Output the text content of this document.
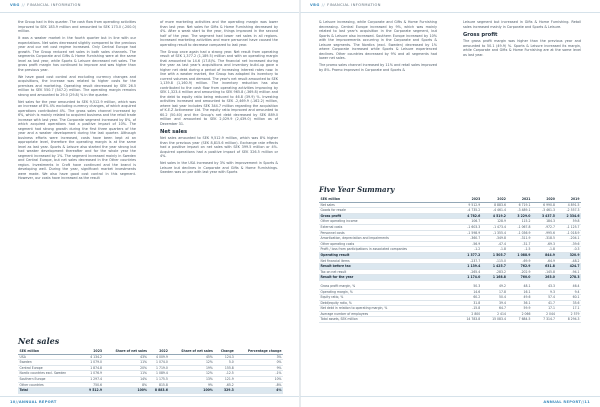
VBG // FINANCIAL INFORMATION

the Group had in this quarter. The cash flow from operating activities improved to SEK 183.9 million and amounted to SEK 173.0 (-200.0) million.

It was a weaker market in the fourth quarter but in line with our expectations. Net sales decreased slightly compared to the previous year and our net cost regime increased. Only Central Europe had growth. The Group reduced net sales in both sales channels. The segments Corporate and Gifts & Home Furnishing were at the same level as last year, while Sports & Leisure decreased net sales. The gross profit margin has continued to improve and was higher than the previous year.

We have good cost control and excluding currency changes and acquisitions, the increase was related to higher costs for the premises and marketing. Operating result decreased by SEK 26.5 million to SEK 550.7 (547.2) million. The operating margin remains strong and amounted to 29.0 (29.8) % in the quarter.

Net sales for the year amounted to SEK 9,512.9 million, which was an increase of 8% 4% excluding currency changes, of which acquired operations contributed 4%. The gross sales channel increased by 6%, which is mainly related to acquired business and the retail trade increase with last year. The Corporate segment increased by 8%, of which acquired operations had a positive impact of 10%. The segment had strong growth during the first three quarters of the year and a weaker development during the last quarter. Although business efforts were increased, costs have been kept at an appropriate level, therefore the operating margin is at the same level as last year. Sports & Leisure also started the year strong but had weaker development thereafter and for the whole year the segment increased by 1%. The segment increased mainly in Sweden and Central Europe, but net sales decreased in the Other countries region. Investments in Croft have continued and the brand is developing well. During the year, significant market investments were made. We also have good cost control in this segment. However, our costs have increased as the result

of more marketing activities and the operating margin was lower than last year. Net sales for Gifts & Home Furnishing decreased by 4%. After a weak start to the year, things improved in the second half of the year. The segment had lower net sales in all regions. Increased marketing activities and more personnel have caused the operating result to decrease compared to last year.

The Group once again had a strong year. Net result from operating result of SEK 1,377.2 (1,189.5) million and with an operating margin that amounted to 14.6 (17.8)%. The financial net increased during the year as last year's acquisitions and inventory build-up gave a higher net debt during a period of increasing interest rates now. In line with a weaker market, the Group has adapted its inventory to current volumes and demand. The year's net result amounted to SEK 1,139.8 (1,160.9) million. The inventory reduction has also contributed to the cash flow from operating activities improving by SEK 1,323.4 million and amounting to SEK 965.8 (-369.8) million and the debt to equity ratio being reduced to 46.8 (39.9) %. Investing activities increased and amounted to SEK -2,469.9 (-162.2) million, where last year includes SEK 344.7 million regarding the acquisition of K.E.Z Activewear Ltd. The equity ratio improved and amounted to 60.2 (50.40) and the Group's net debt decreased by SEK 889.0 million and amounted to SEK 2,029.9 (2,439.0) million as of December 31.

Net sales

Net sales amounted to SEK 9,512.9 million, which was 8% higher than the previous year (SEK 8,815.6 million). Exchange rate effects had a positive impact on net sales with SEK 399.5 million or 4%. Acquired operations had a positive impact of SEK 326.5 million or 4%.

Net sales in the USA increased by 3% with improvement in Sports & Leisure but declines in Corporate and Gifts & Home Furnishings. Sweden was on par with last year with Sports

Net sales
SEK million	2023	Share of net sales	2022	Share of net sales	Change	Percentage change
USA	4 134.2	43%	4 009.9	45%	124.3	3%
Sweden	1 079.0	11%	1 074.0	12%	5.0	0%
Central Europe	1 874.8	20%	1 719.0	19%	155.8	9%
Nordic countries excl. Sweden	1 076.9	11%	1 089.4	12%	-12.5	-1%
Southern Europe	1 297.4	14%	1 175.5	13%	121.9	10%
Other countries	750.6	8%	815.8	9%	-65.2	-8%
Total	9 512.9	100%	8 883.6	100%	329.3	4%
10//ANNUAL REPORT
VBG // FINANCIAL INFORMATION

& Leisure increasing, while Corporate and Gifts & Home Furnishing decreasing. Central Europe increased by 9%, which was mainly related to last year's acquisition in the Corporate segment, but Sports & Leisure also increased. Southern Europe increased by 10% with the improvements occurring in the Corporate and Sports & Leisure segments. The Nordics (excl. Sweden) decreased by 1% where Corporate increased while Sports & Leisure experienced declines. Other countries decreased by 9% and all segments had lower net sales.

The promo sales channel increased by 11% and retail sales improved by 8%. Promo improved in Corporate and Sports &

Leisure segment but increased in Gifts & Home Furnishing. Retail sales increased mainly in Corporate and Sports & Leisure.

Gross profit

The gross profit margin was higher than the previous year and amounted to 50.1 (49.9) %. Sports & Leisure increased its margin, while Corporate and Gifts & Home Furnishing are at the same level as last year.

Five Year Summary
SEK million	2023	2022	2021	2020	2019
Net sales	9 512.9	8 883.6	6 719.1	6 990.8	4 891.5
Goods for resale	-4 735.2	-4 461.4	-3 489.1	-3 461.3	-2 557.3
Gross profit	4 782.6	4 519.2	3 229.0	3 437.5	2 334.6
Other operating income	106.7	128.9	115.2	184.3	59.8
External costs	-1 603.3	-1 473.4	-1 067.8	-972.7	-1 125.7
Personnel costs	-1 598.9	-1 355.4	-1 036.9	-995.6	-1 018.9
Amortization, depreciation and impairments	-360.7	-349.8	-311.9	-318.5	-204.1
Other operating costs	-56.9	-47.4	-31.7	-69.3	-39.6
Profit / loss from participations in associated companies	-1.2	-1.8	-1.5	-1.8	-0.3
Operating result	1 377.2	1 505.7	1 088.9	844.9	320.9
Net financial items	-237.7	-115.0	-69.9	-64.9	-48.2
Result before tax	1 139.4	1 425.7	762.9	631.8	424.7
Tax on net result	-265.4	-283.2	-202.9	-145.8	-94.1
Result for the year	1 174.0	1 168.8	760.0	263.0	278.3

Gross profit margin, %	50.3	49.2	48.1	43.3	46.4
Operating margin, %	14.6	17.8	16.1	9.3	9.4
Equity ratio, %	60.2	50.4	49.6	57.4	60.1
Debt/equity ratio, %	31.8	39.4	36.1	41.7	35.6
Net debt in relation to operating margin, %	-15.8	64.7	59.9	17.1	17.1
Average number of employees	2 800	2 414	2 066	2 044	2 579
Total assets, SEK million	14 783.8	15 083.4	7 684.5	7 314.7	8 294.3
ANNUAL REPORT//11
